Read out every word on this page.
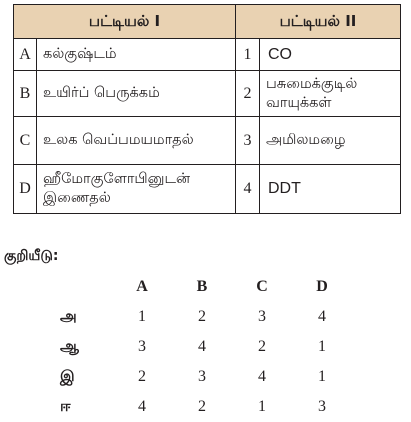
பட்டியல் I		பட்டியல் II	
A	கல்குஷ்டம்	1	CO
B	உயிர்ப் பெருக்கம்	2	பசுமைக்குடில் வாயுக்கள்
C	உலக வெப்பமயமாதல்	3	அமிலமழை
D	ஹீமோகுளோபினுடன் இணைதல்	4	DDT
குறியீடு:
	A	B	C	D
அ	1	2	3	4
ஆ	3	4	2	1
இ	2	3	4	1
ஈ	4	2	1	3
